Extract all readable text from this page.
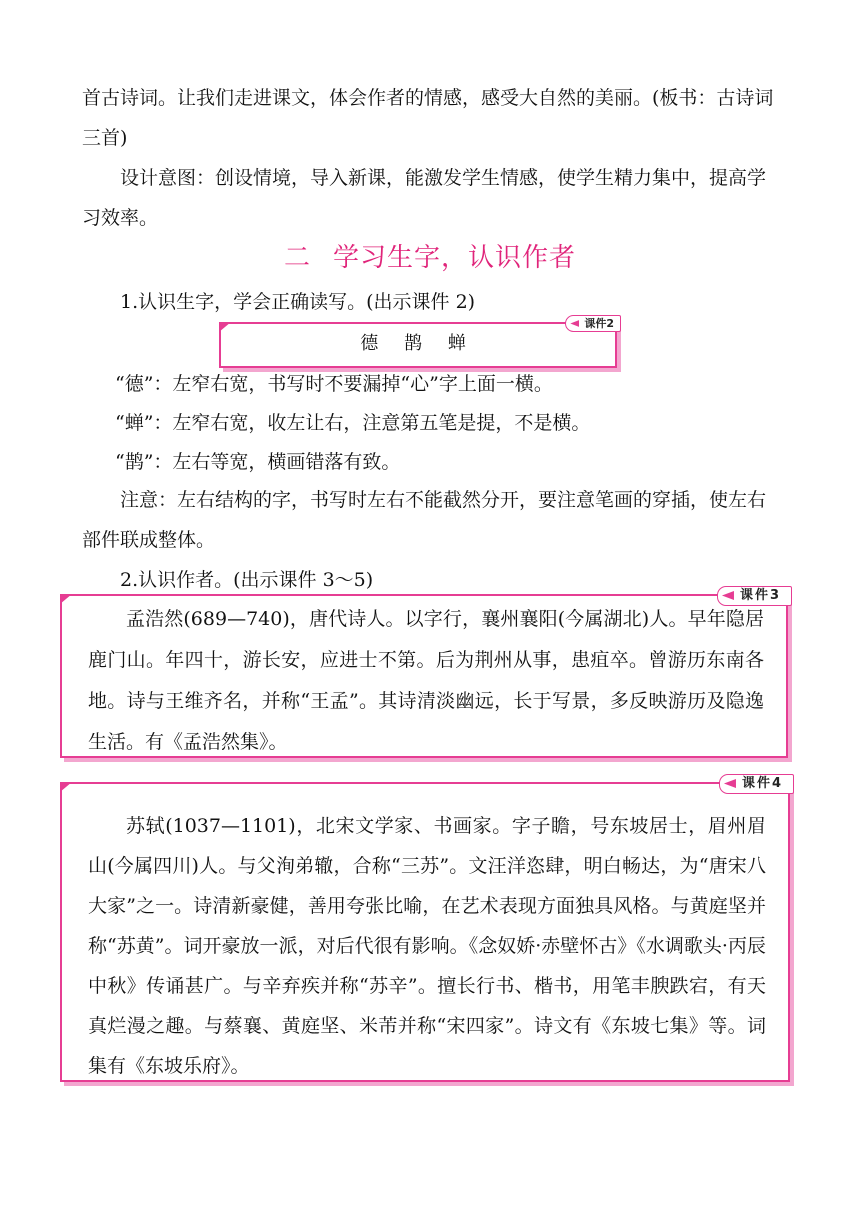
首古诗词。让我们走进课文，体会作者的情感，感受大自然的美丽。(板书：古诗词三首)

设计意图：创设情境，导入新课，能激发学生情感，使学生精力集中，提高学习效率。

二 学习生字，认识作者
1.认识生字，学会正确读写。(出示课件 2)
课件2
德 鹊 蝉
“德”：左窄右宽，书写时不要漏掉“心”字上面一横。
“蝉”：左窄右宽，收左让右，注意第五笔是提，不是横。
“鹊”：左右等宽，横画错落有致。

注意：左右结构的字，书写时左右不能截然分开，要注意笔画的穿插，使左右部件联成整体。

2.认识作者。(出示课件 3～5)
课件3

孟浩然(689—740)，唐代诗人。以字行，襄州襄阳(今属湖北)人。早年隐居鹿门山。年四十，游长安，应进士不第。后为荆州从事，患疽卒。曾游历东南各地。诗与王维齐名，并称“王孟”。其诗清淡幽远，长于写景，多反映游历及隐逸生活。有《孟浩然集》。

课件4

苏轼(1037—1101)，北宋文学家、书画家。字子瞻，号东坡居士，眉州眉山(今属四川)人。与父洵弟辙，合称“三苏”。文汪洋恣肆，明白畅达，为“唐宋八大家”之一。诗清新豪健，善用夸张比喻，在艺术表现方面独具风格。与黄庭坚并称“苏黄”。词开豪放一派，对后代很有影响。《念奴娇·赤壁怀古》《水调歌头·丙辰中秋》传诵甚广。与辛弃疾并称“苏辛”。擅长行书、楷书，用笔丰腴跌宕，有天真烂漫之趣。与蔡襄、黄庭坚、米芾并称“宋四家”。诗文有《东坡七集》等。词集有《东坡乐府》。
